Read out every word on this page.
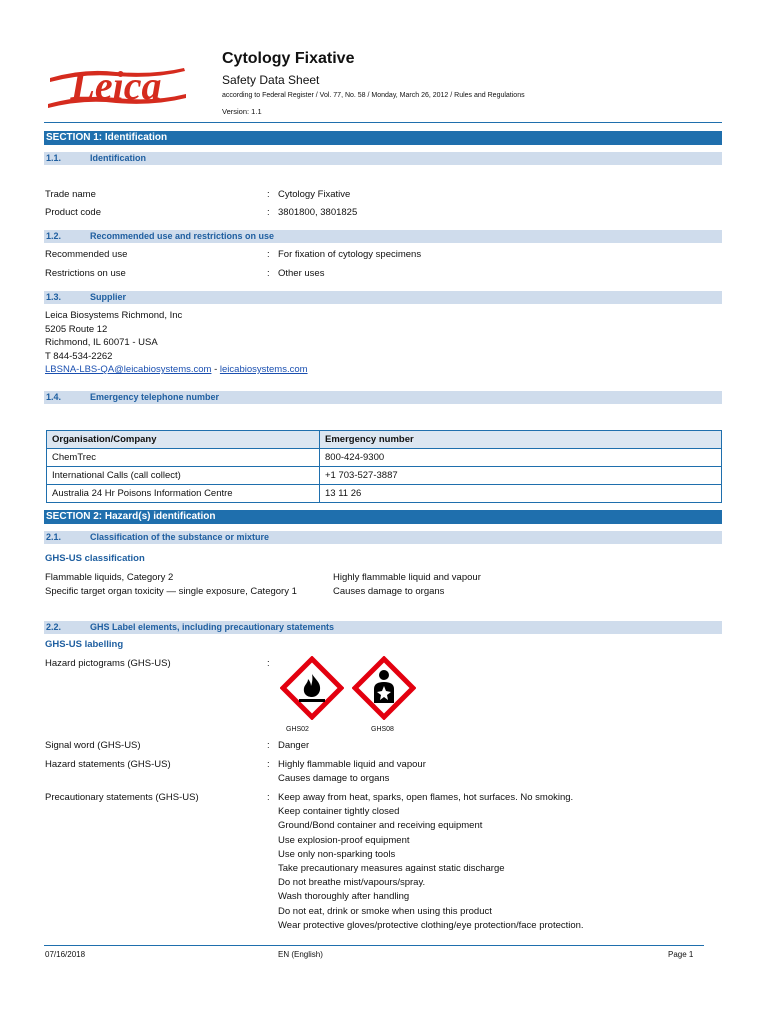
Leica
Cytology Fixative
Safety Data Sheet
according to Federal Register / Vol. 77, No. 58 / Monday, March 26, 2012 / Rules and Regulations
Version: 1.1
SECTION 1: Identification
1.1.	Identification
Trade name	: Cytology Fixative
Product code	: 3801800, 3801825
1.2.	Recommended use and restrictions on use
Recommended use	: For fixation of cytology specimens
Restrictions on use	: Other uses
1.3.	Supplier
Leica Biosystems Richmond, Inc
5205 Route 12
Richmond, IL 60071 - USA
T 844-534-2262
LBSNA-LBS-QA@leicabiosystems.com - leicabiosystems.com
1.4.	Emergency telephone number
Organisation/Company	Emergency number
ChemTrec	800-424-9300
International Calls (call collect)	+1 703-527-3887
Australia 24 Hr Poisons Information Centre	13 11 26
SECTION 2: Hazard(s) identification
2.1.	Classification of the substance or mixture
GHS-US classification
Flammable liquids, Category 2	Highly flammable liquid and vapour
Specific target organ toxicity — single exposure, Category 1	Causes damage to organs
2.2.	GHS Label elements, including precautionary statements
GHS-US labelling
Hazard pictograms (GHS-US)	:
GHS02	GHS08
Signal word (GHS-US)	: Danger
Hazard statements (GHS-US)	: Highly flammable liquid and vapour
Causes damage to organs
Precautionary statements (GHS-US)	: Keep away from heat, sparks, open flames, hot surfaces. No smoking.
Keep container tightly closed
Ground/Bond container and receiving equipment
Use explosion-proof equipment
Use only non-sparking tools
Take precautionary measures against static discharge
Do not breathe mist/vapours/spray.
Wash thoroughly after handling
Do not eat, drink or smoke when using this product
Wear protective gloves/protective clothing/eye protection/face protection.
07/16/2018	EN (English)	Page 1
